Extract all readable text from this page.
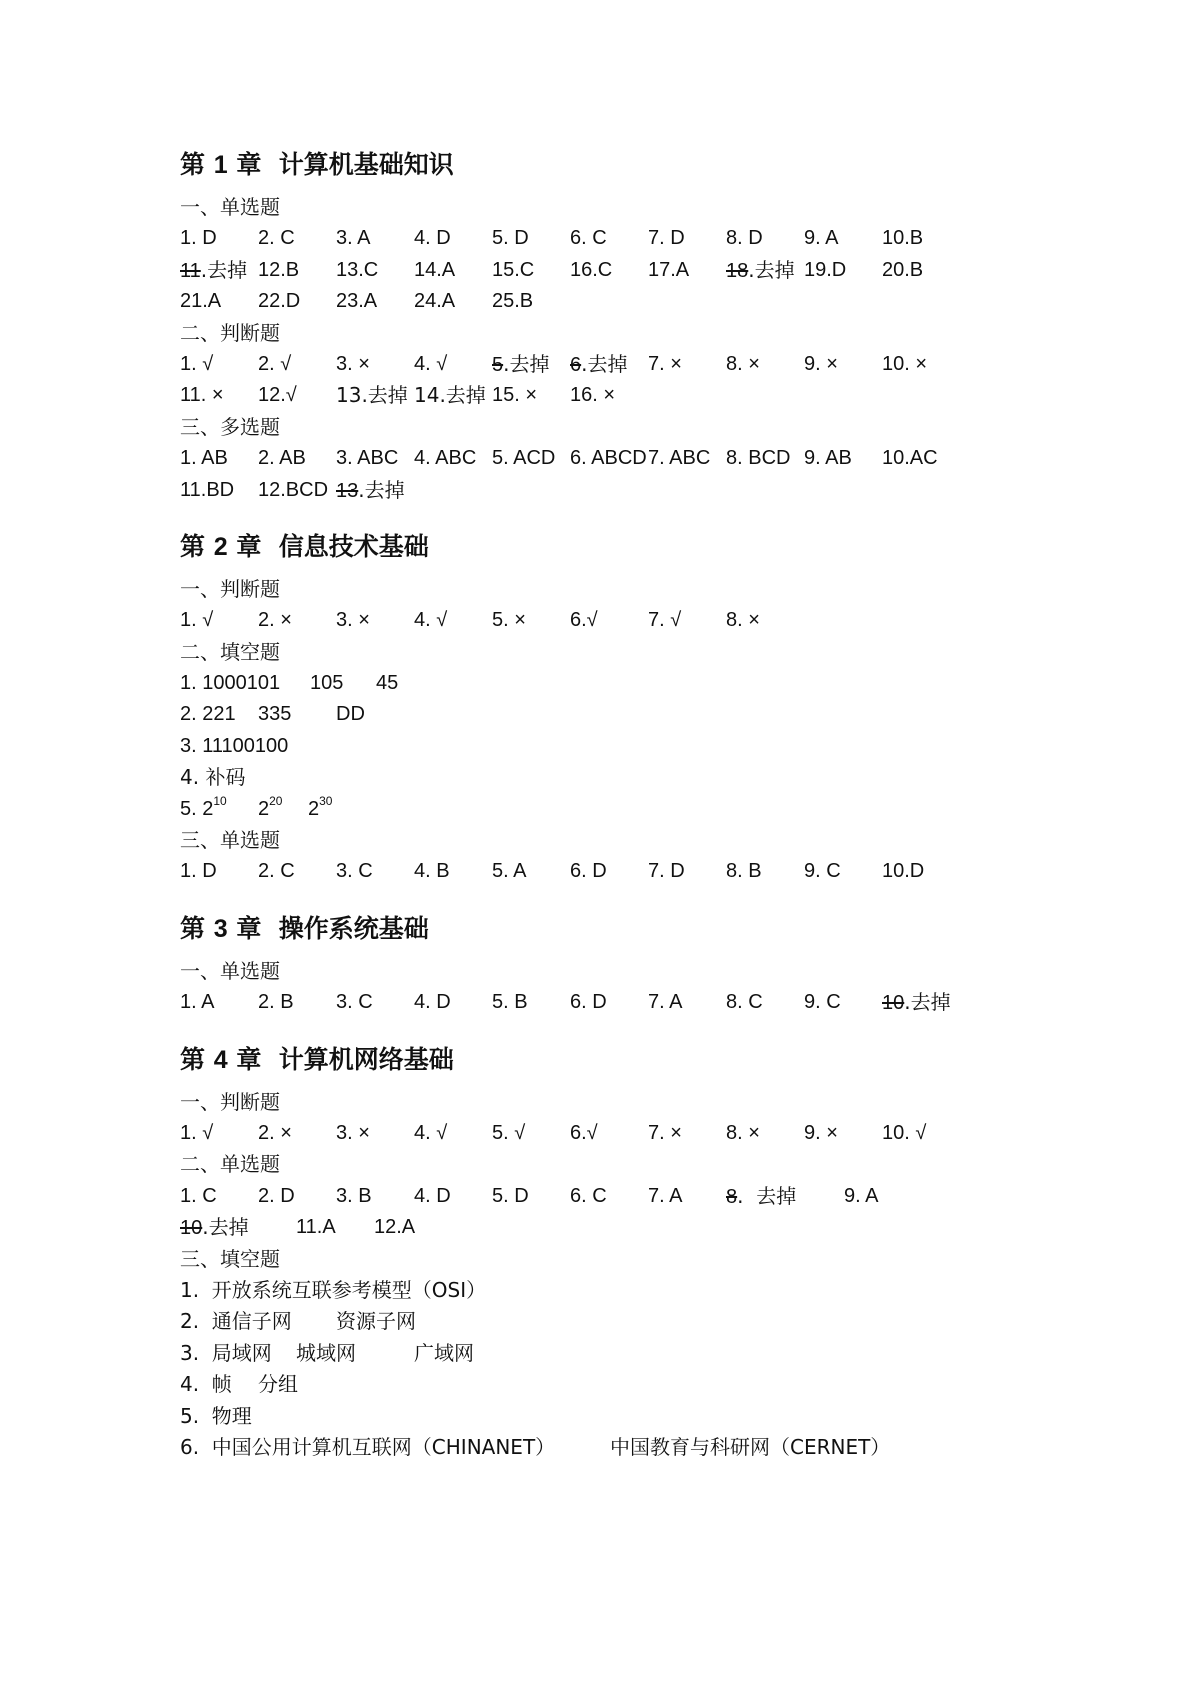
第 1 章 计算机基础知识
一、单选题
1. D 2. C 3. A 4. D 5. D 6. C 7. D 8. D 9. A 10.B
11.去掉 12.B 13.C 14.A 15.C 16.C 17.A 18.去掉 19.D 20.B
21.A 22.D 23.A 24.A 25.B
二、判断题
1. √ 2. √ 3. × 4. √ 5.去掉 6.去掉 7. × 8. × 9. × 10. ×
11. × 12.√ 13.去掉 14.去掉 15. × 16. ×
三、多选题
1. AB 2. AB 3. ABC 4. ABC 5. ACD 6. ABCD 7. ABC 8. BCD 9. AB 10.AC
11.BD 12.BCD 13.去掉
第 2 章 信息技术基础
一、判断题
1. √ 2. × 3. × 4. √ 5. × 6.√	7. √ 8. ×
二、填空题
1. 1000101 105 45
2. 221 335 DD
3. 11100100
4. 补码
5. $2^{10}$ $2^{20}$ $2^{30}$
三、单选题
1. D 2. C 3. C 4. B 5. A 6. D 7. D 8. B 9. C 10.D
第 3 章 操作系统基础
一、单选题
1. A 2. B 3. C 4. D 5. B 6. D 7. A 8. C 9. C 10.去掉
第 4 章 计算机网络基础
一、判断题
1. √ 2. × 3. × 4. √ 5. √ 6.√	7. × 8. × 9. × 10. √
二、单选题
1. C 2. D 3. B 4. D 5. D 6. C 7. A 8.  去掉 9. A
10.去掉 11.A 12.A
三、填空题
1.  开放系统互联参考模型（OSI）
2.  通信子网 资源子网
3.  局域网 城域网	广域网
4.  帧 分组
5.  物理
6.  中国公用计算机互联网（CHINANET）	中国教育与科研网（CERNET）
